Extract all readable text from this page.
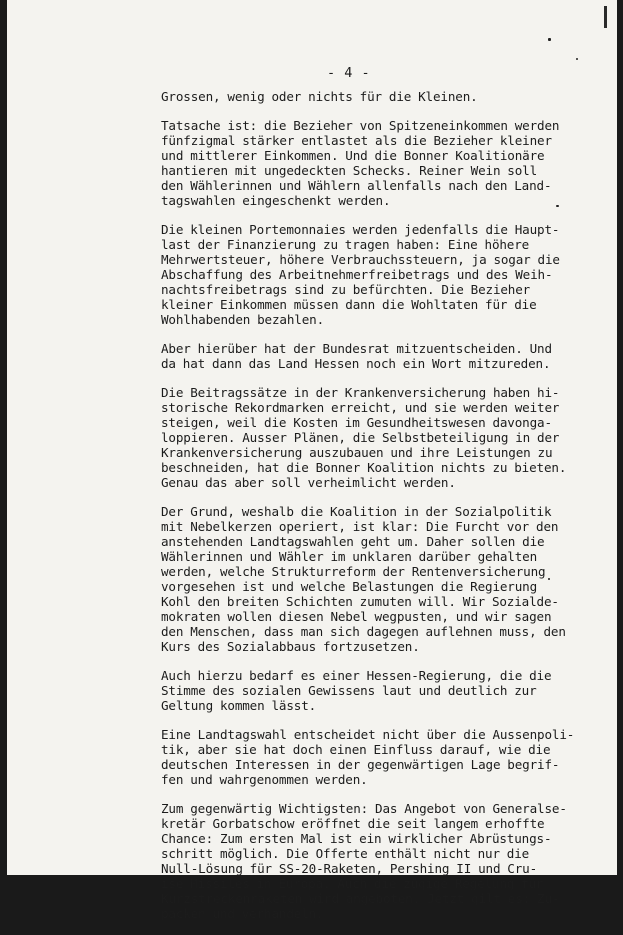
- 4 -
Grossen, wenig oder nichts für die Kleinen.
Tatsache ist: die Bezieher von Spitzeneinkommen werden
fünfzigmal stärker entlastet als die Bezieher kleiner
und mittlerer Einkommen. Und die Bonner Koalitionäre
hantieren mit ungedeckten Schecks. Reiner Wein soll
den Wählerinnen und Wählern allenfalls nach den Land-
tagswahlen eingeschenkt werden.
Die kleinen Portemonnaies werden jedenfalls die Haupt-
last der Finanzierung zu tragen haben: Eine höhere
Mehrwertsteuer, höhere Verbrauchssteuern, ja sogar die
Abschaffung des Arbeitnehmerfreibetrags und des Weih-
nachtsfreibetrags sind zu befürchten. Die Bezieher
kleiner Einkommen müssen dann die Wohltaten für die
Wohlhabenden bezahlen.
Aber hierüber hat der Bundesrat mitzuentscheiden. Und
da hat dann das Land Hessen noch ein Wort mitzureden.
Die Beitragssätze in der Krankenversicherung haben hi-
storische Rekordmarken erreicht, und sie werden weiter
steigen, weil die Kosten im Gesundheitswesen davonga-
loppieren. Ausser Plänen, die Selbstbeteiligung in der
Krankenversicherung auszubauen und ihre Leistungen zu
beschneiden, hat die Bonner Koalition nichts zu bieten.
Genau das aber soll verheimlicht werden.
Der Grund, weshalb die Koalition in der Sozialpolitik
mit Nebelkerzen operiert, ist klar: Die Furcht vor den
anstehenden Landtagswahlen geht um. Daher sollen die
Wählerinnen und Wähler im unklaren darüber gehalten
werden, welche Strukturreform der Rentenversicherung
vorgesehen ist und welche Belastungen die Regierung
Kohl den breiten Schichten zumuten will. Wir Sozialde-
mokraten wollen diesen Nebel wegpusten, und wir sagen
den Menschen, dass man sich dagegen auflehnen muss, den
Kurs des Sozialabbaus fortzusetzen.
Auch hierzu bedarf es einer Hessen-Regierung, die die
Stimme des sozialen Gewissens laut und deutlich zur
Geltung kommen lässt.
Eine Landtagswahl entscheidet nicht über die Aussenpoli-
tik, aber sie hat doch einen Einfluss darauf, wie die
deutschen Interessen in der gegenwärtigen Lage begrif-
fen und wahrgenommen werden.
Zum gegenwärtig Wichtigsten: Das Angebot von Generalse-
kretär Gorbatschow eröffnet die seit langem erhoffte
Chance: Zum ersten Mal ist ein wirklicher Abrüstungs-
schritt möglich. Die Offerte enthält nicht nur die
Null-Lösung für SS-20-Raketen, Pershing II und Cru-
ise Missiles in Europa. Auch die zügige Regelung für
Kurzstreckenraketen wird angeboten. Jetzt gilt es: Zu-
packen und verhandeln.
